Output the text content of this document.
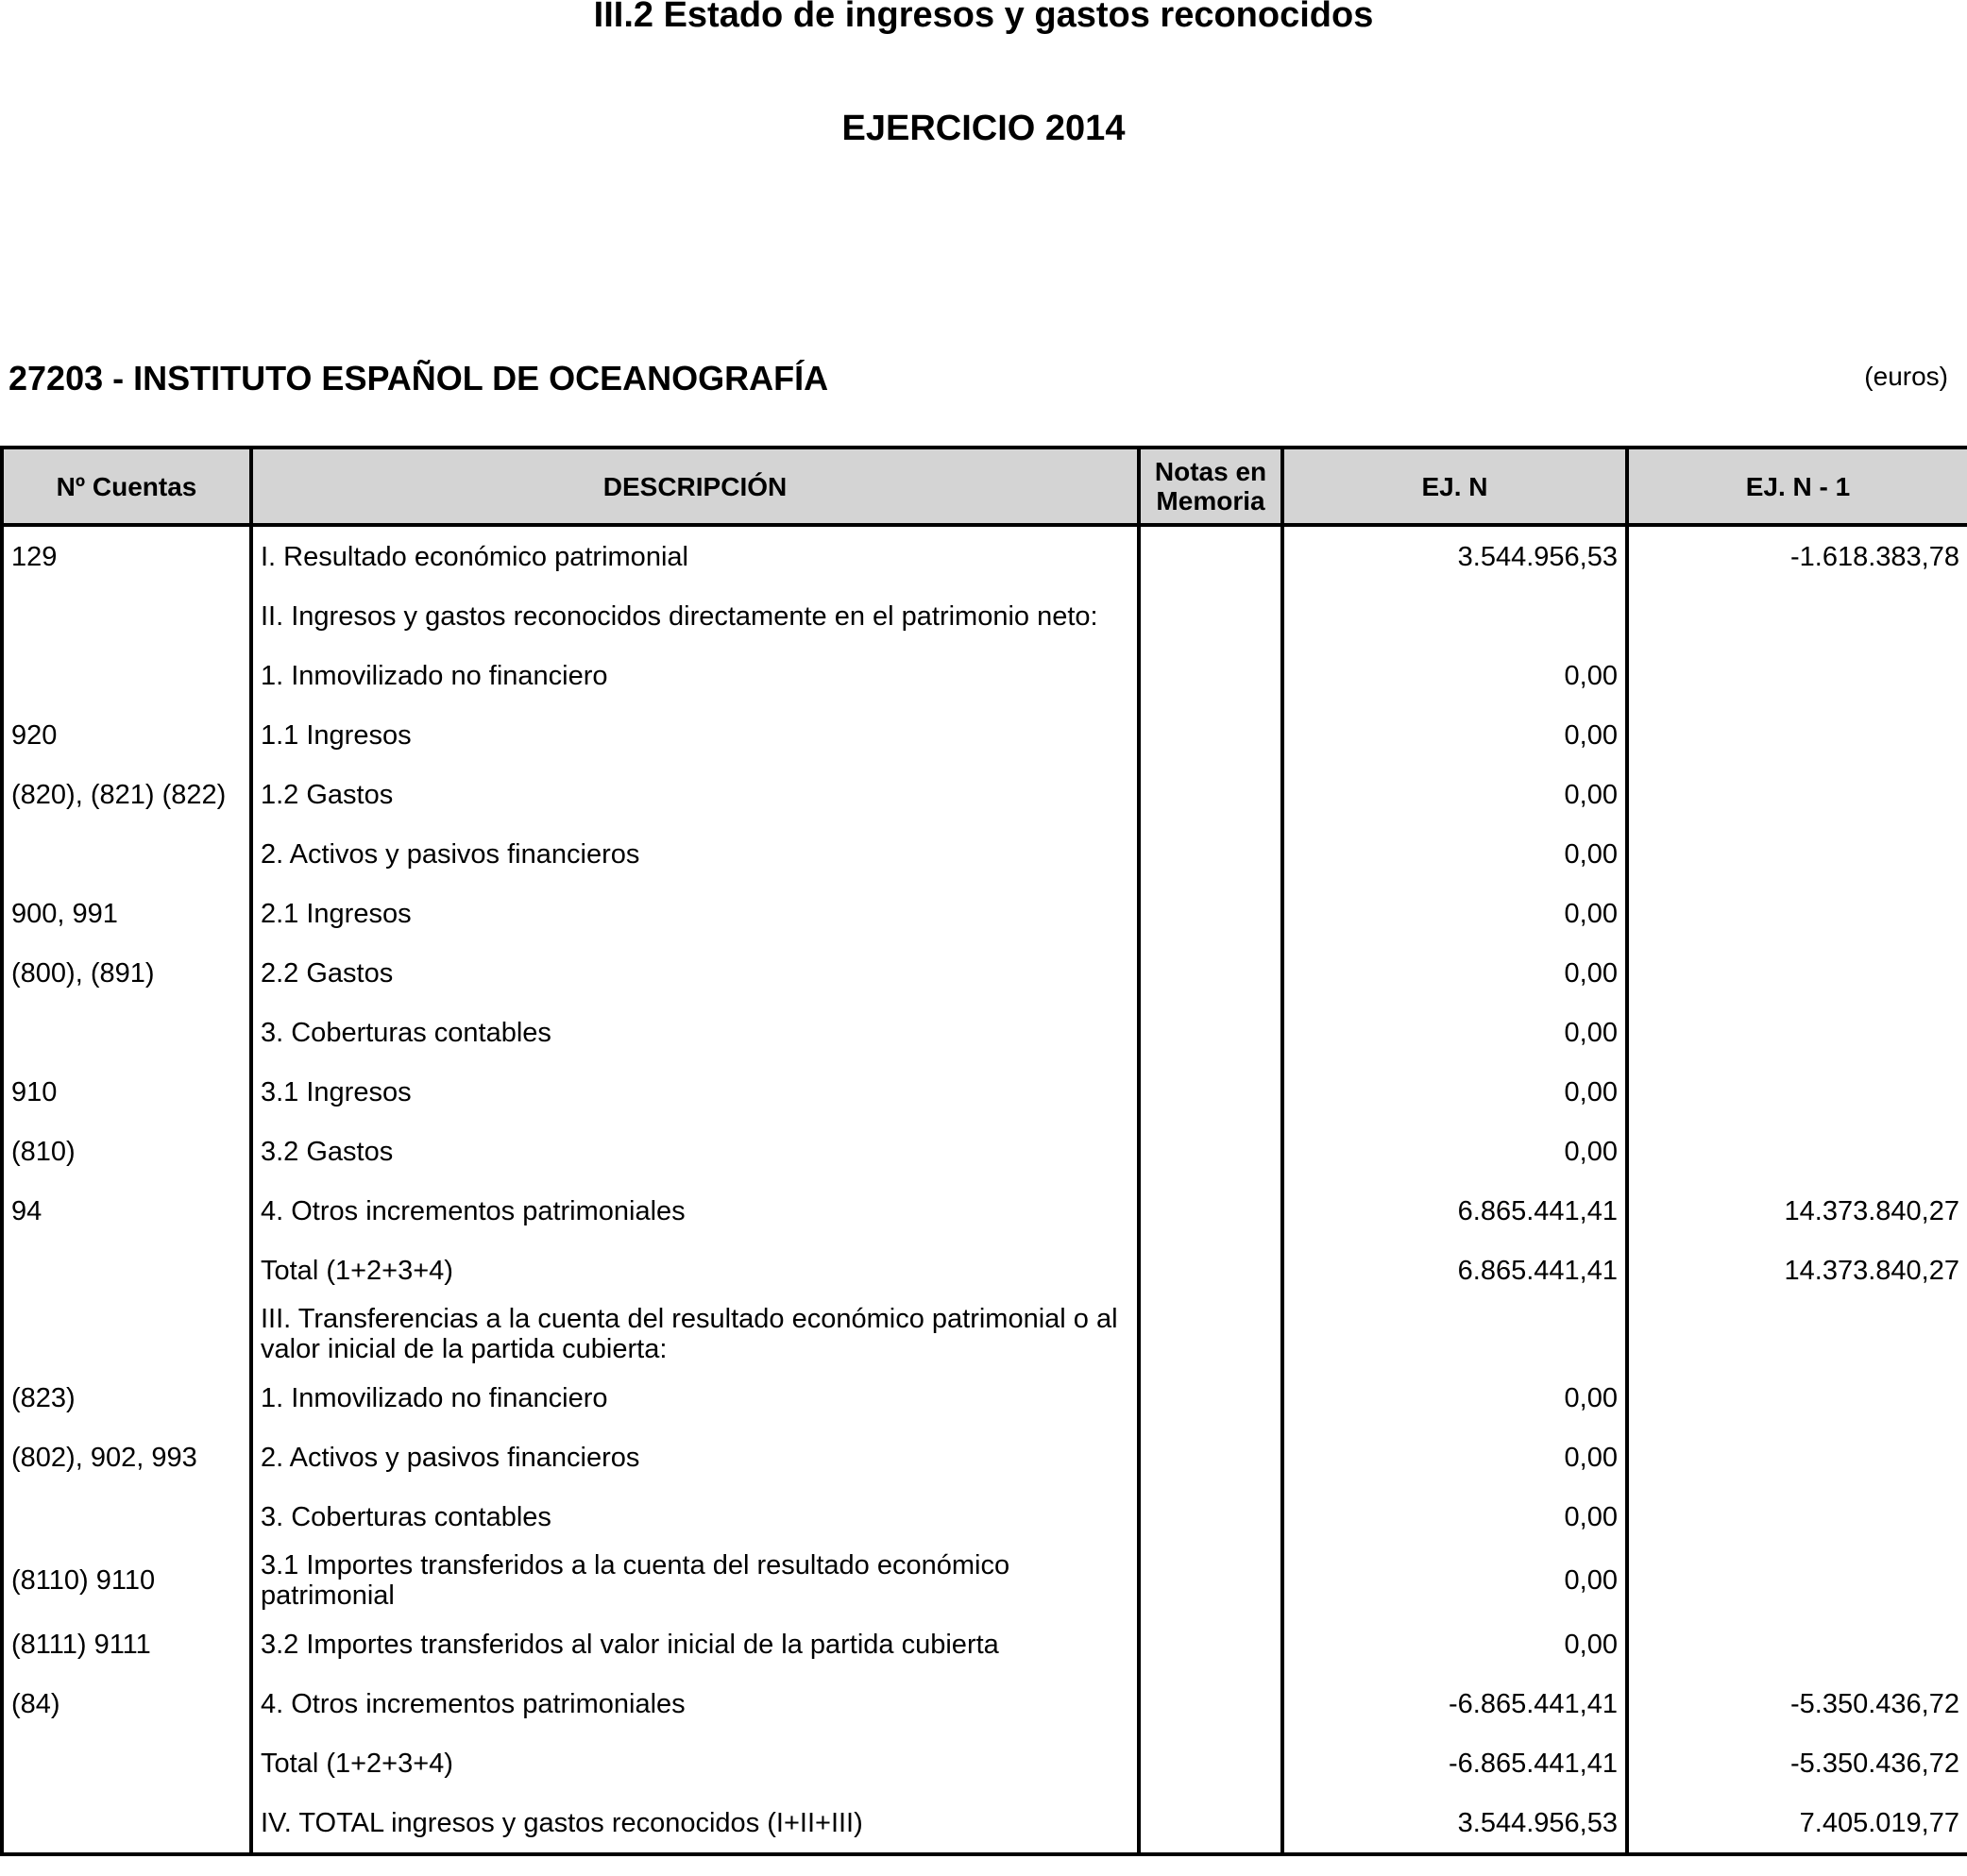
III.2 Estado de ingresos y gastos reconocidos
EJERCICIO 2014
27203 - INSTITUTO ESPAÑOL DE OCEANOGRAFÍA	(euros)
Nº Cuentas	DESCRIPCIÓN	Notas en Memoria	EJ. N	EJ. N - 1
129	I. Resultado económico patrimonial		3.544.956,53	-1.618.383,78
	II. Ingresos y gastos reconocidos directamente en el patrimonio neto:			
	1. Inmovilizado no financiero		0,00	
920	1.1 Ingresos		0,00	
(820), (821) (822)	1.2 Gastos		0,00	
	2. Activos y pasivos financieros		0,00	
900, 991	2.1 Ingresos		0,00	
(800), (891)	2.2 Gastos		0,00	
	3. Coberturas contables		0,00	
910	3.1 Ingresos		0,00	
(810)	3.2 Gastos		0,00	
94	4. Otros incrementos patrimoniales		6.865.441,41	14.373.840,27
	Total (1+2+3+4)		6.865.441,41	14.373.840,27
	III. Transferencias a la cuenta del resultado económico patrimonial o al valor inicial de la partida cubierta:			
(823)	1. Inmovilizado no financiero		0,00	
(802), 902, 993	2. Activos y pasivos financieros		0,00	
	3. Coberturas contables		0,00	
(8110) 9110	3.1 Importes transferidos a la cuenta del resultado económico patrimonial		0,00	
(8111) 9111	3.2 Importes transferidos al valor inicial de la partida cubierta		0,00	
(84)	4. Otros incrementos patrimoniales		-6.865.441,41	-5.350.436,72
	Total (1+2+3+4)		-6.865.441,41	-5.350.436,72
	IV. TOTAL ingresos y gastos reconocidos (I+II+III)		3.544.956,53	7.405.019,77
